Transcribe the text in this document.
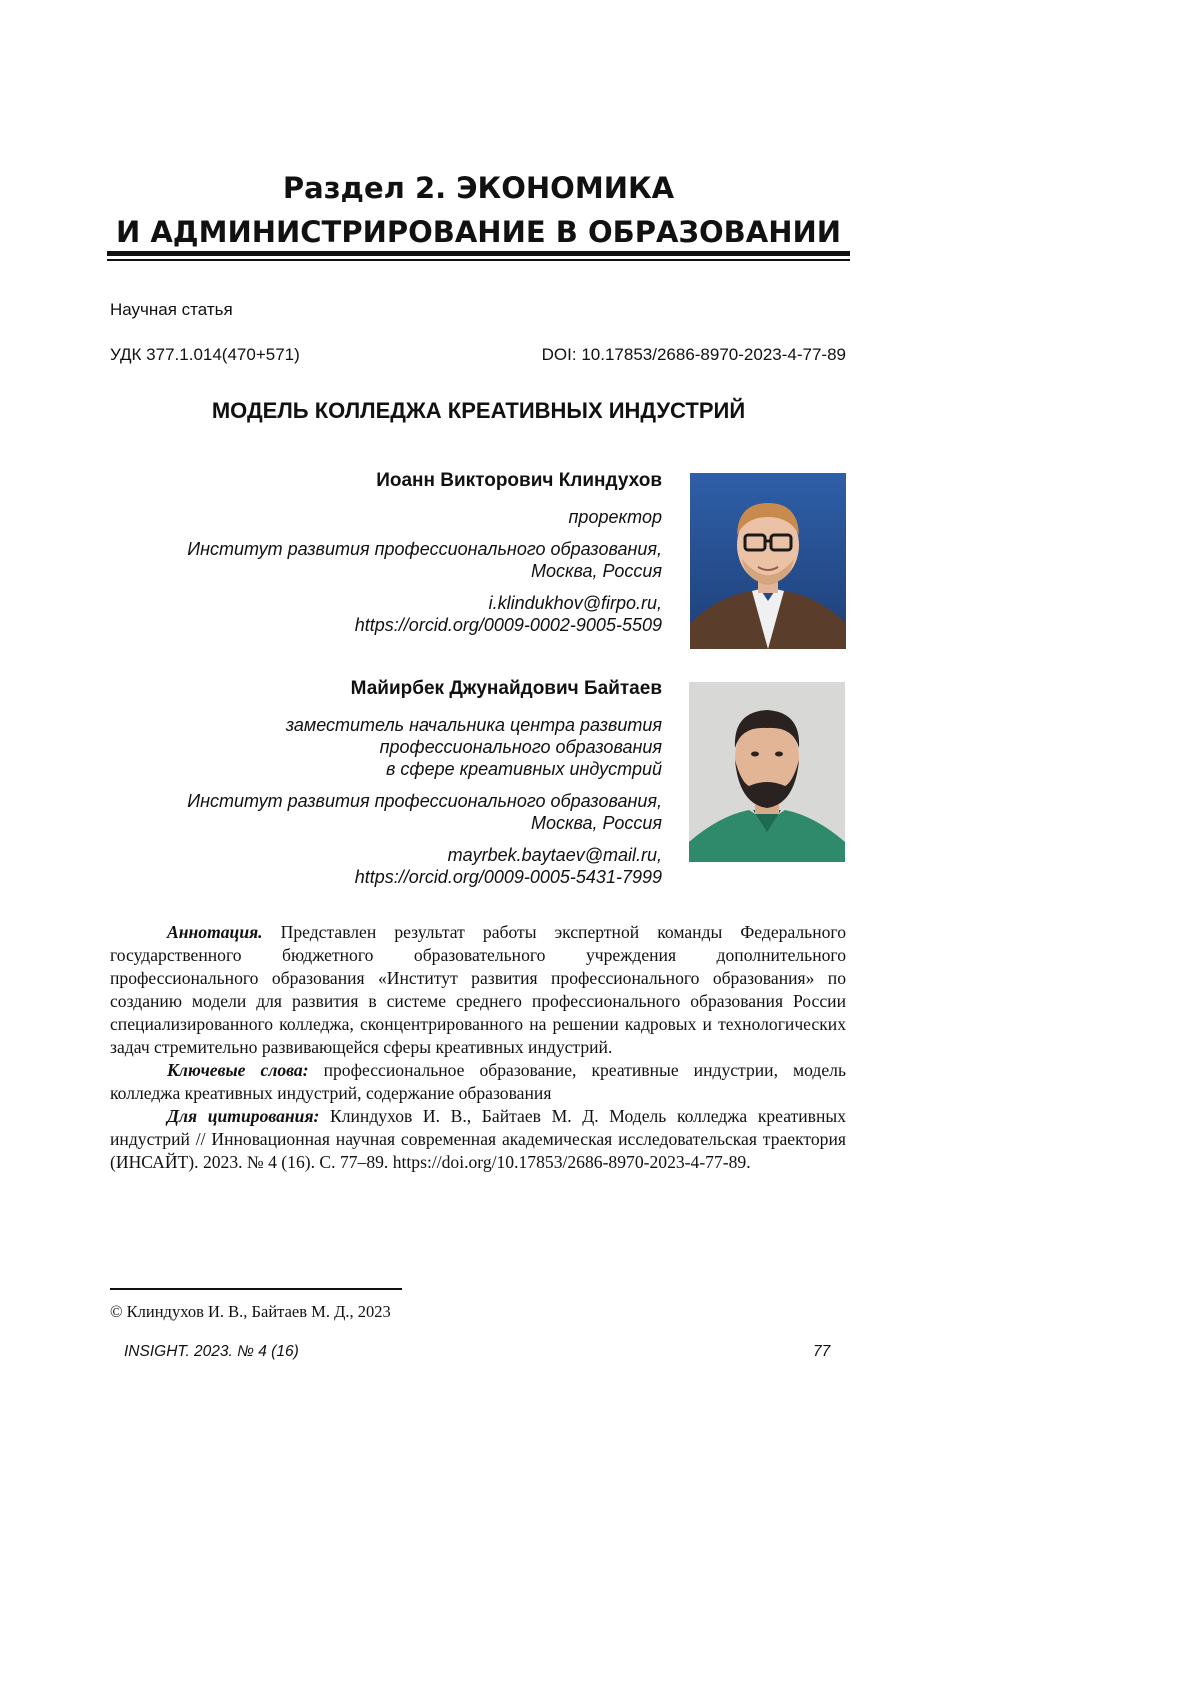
Раздел 2. ЭКОНОМИКА
И АДМИНИСТРИРОВАНИЕ В ОБРАЗОВАНИИ
Научная статья
УДК 377.1.014(470+571)	DOI: 10.17853/2686-8970-2023-4-77-89
МОДЕЛЬ КОЛЛЕДЖА КРЕАТИВНЫХ ИНДУСТРИЙ
Иоанн Викторович Клиндухов
проректор
Институт развития профессионального образования,
Москва, Россия
i.klindukhov@firpo.ru,
https://orcid.org/0009-0002-9005-5509
Майирбек Джунайдович Байтаев
заместитель начальника центра развития
профессионального образования
в сфере креативных индустрий
Институт развития профессионального образования,
Москва, Россия
mayrbek.baytaev@mail.ru,
https://orcid.org/0009-0005-5431-7999

Аннотация. Представлен результат работы экспертной команды Федерального государственного бюджетного образовательного учреждения дополнительного профессионального образования «Институт развития профессионального образования» по созданию модели для развития в системе среднего профессионального образования России специализированного колледжа, сконцентрированного на решении кадровых и технологических задач стремительно развивающейся сферы креативных индустрий.

Ключевые слова: профессиональное образование, креативные индустрии, модель колледжа креативных индустрий, содержание образования

Для цитирования: Клиндухов И. В., Байтаев М. Д. Модель колледжа креативных индустрий // Инновационная научная современная академическая исследовательская траектория (ИНСАЙТ). 2023. № 4 (16). С. 77–89. https://doi.org/10.17853/2686-8970-2023-4-77-89.

© Клиндухов И. В., Байтаев М. Д., 2023
INSIGHT. 2023. № 4 (16)	77
